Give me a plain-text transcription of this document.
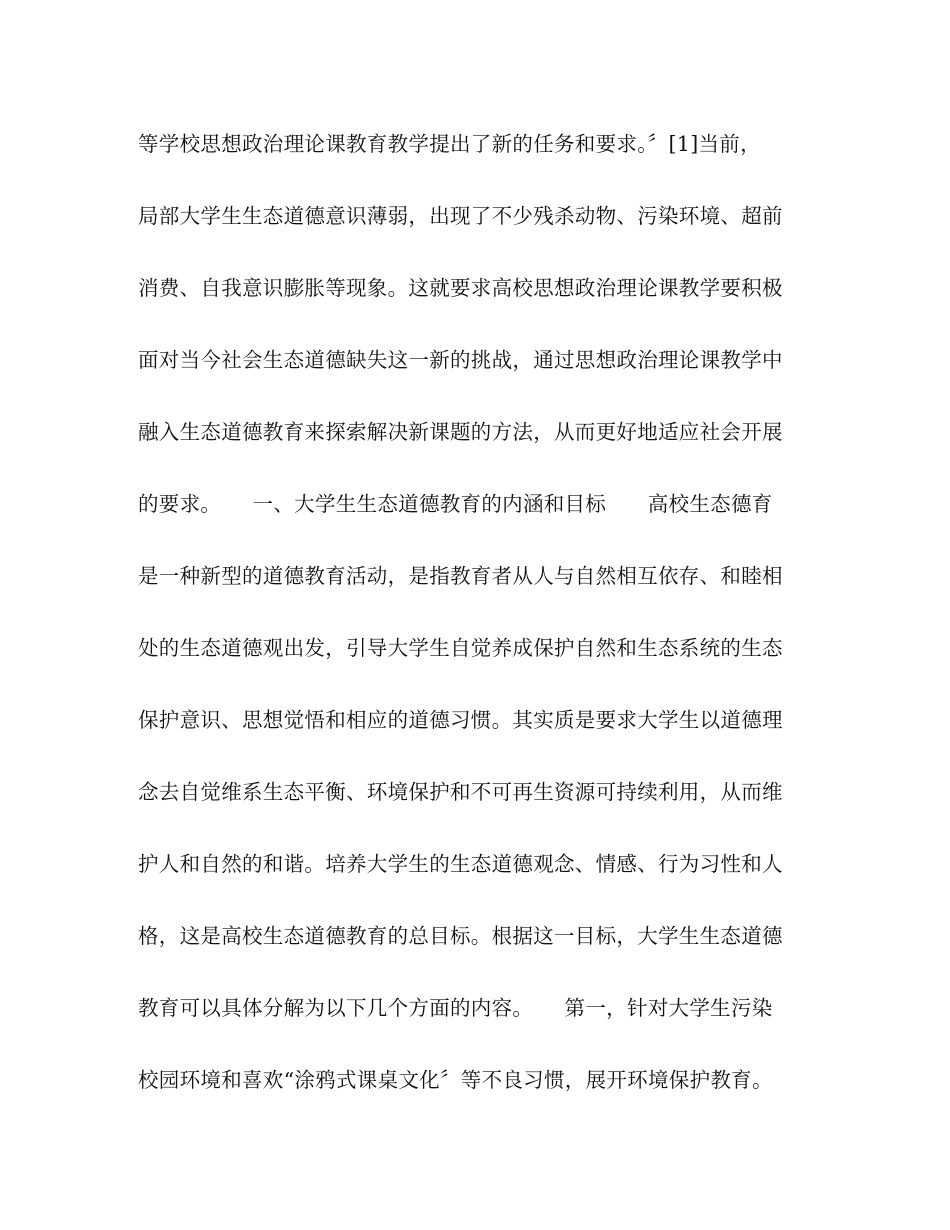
等学校思想政治理论课教育教学提出了新的任务和要求。〞[1]当前，
局部大学生生态道德意识薄弱，出现了不少残杀动物、污染环境、超前
消费、自我意识膨胀等现象。这就要求高校思想政治理论课教学要积极
面对当今社会生态道德缺失这一新的挑战，通过思想政治理论课教学中
融入生态道德教育来探索解决新课题的方法，从而更好地适应社会开展
的要求。　　一、大学生生态道德教育的内涵和目标　　高校生态德育
是一种新型的道德教育活动，是指教育者从人与自然相互依存、和睦相
处的生态道德观出发，引导大学生自觉养成保护自然和生态系统的生态
保护意识、思想觉悟和相应的道德习惯。其实质是要求大学生以道德理
念去自觉维系生态平衡、环境保护和不可再生资源可持续利用，从而维
护人和自然的和谐。培养大学生的生态道德观念、情感、行为习性和人
格，这是高校生态道德教育的总目标。根据这一目标，大学生生态道德
教育可以具体分解为以下几个方面的内容。　　第一，针对大学生污染
校园环境和喜欢“涂鸦式课桌文化〞等不良习惯，展开环境保护教育。
